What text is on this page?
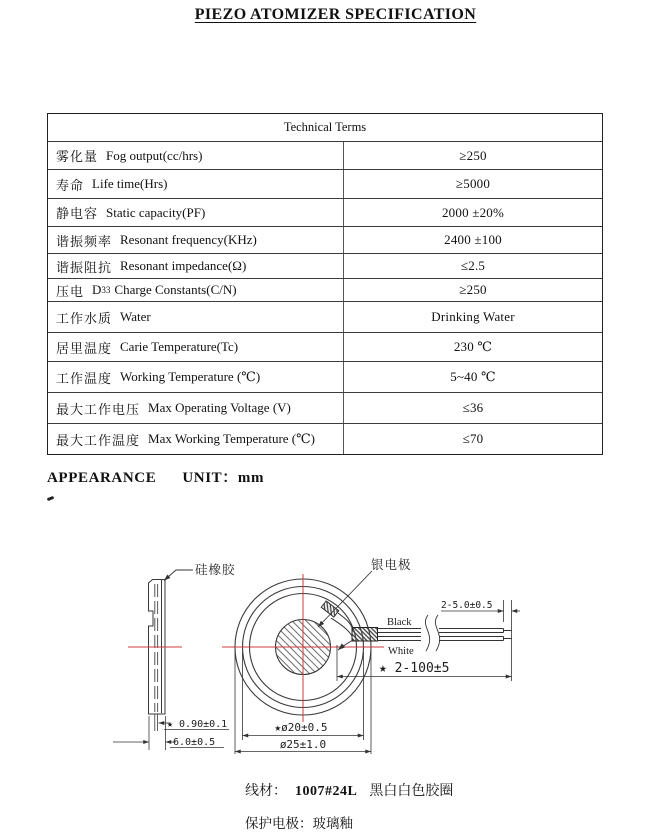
PIEZO ATOMIZER SPECIFICATION
Technical Terms
雾化量 Fog output(cc/hrs)	≥250
寿命 Life time(Hrs)	≥5000
静电容 Static capacity(PF)	2000 ±20%
谐振频率 Resonant frequency(KHz)	2400 ±100
谐振阻抗 Resonant impedance(Ω)	≤2.5
压电 D 33 Charge Constants(C/N)	≥250
工作水质 Water	Drinking Water
居里温度 Carie Temperature(Tc)	230 ℃
工作温度 Working Temperature (℃)	5~40 ℃
最大工作电压 Max Operating Voltage (V)	≤36
最大工作温度 Max Working Temperature (℃)	≤70
APPEARANCE UNIT：mm
硅橡胶	银电极
Black
White
2-5.0±0.5
★ 2-100±5
★ 0.90±0.1
6.0±0.5
★ø20±0.5
ø25±1.0
线材： 1007#24L 黑白白色胶圈
保护电极：玻璃釉
